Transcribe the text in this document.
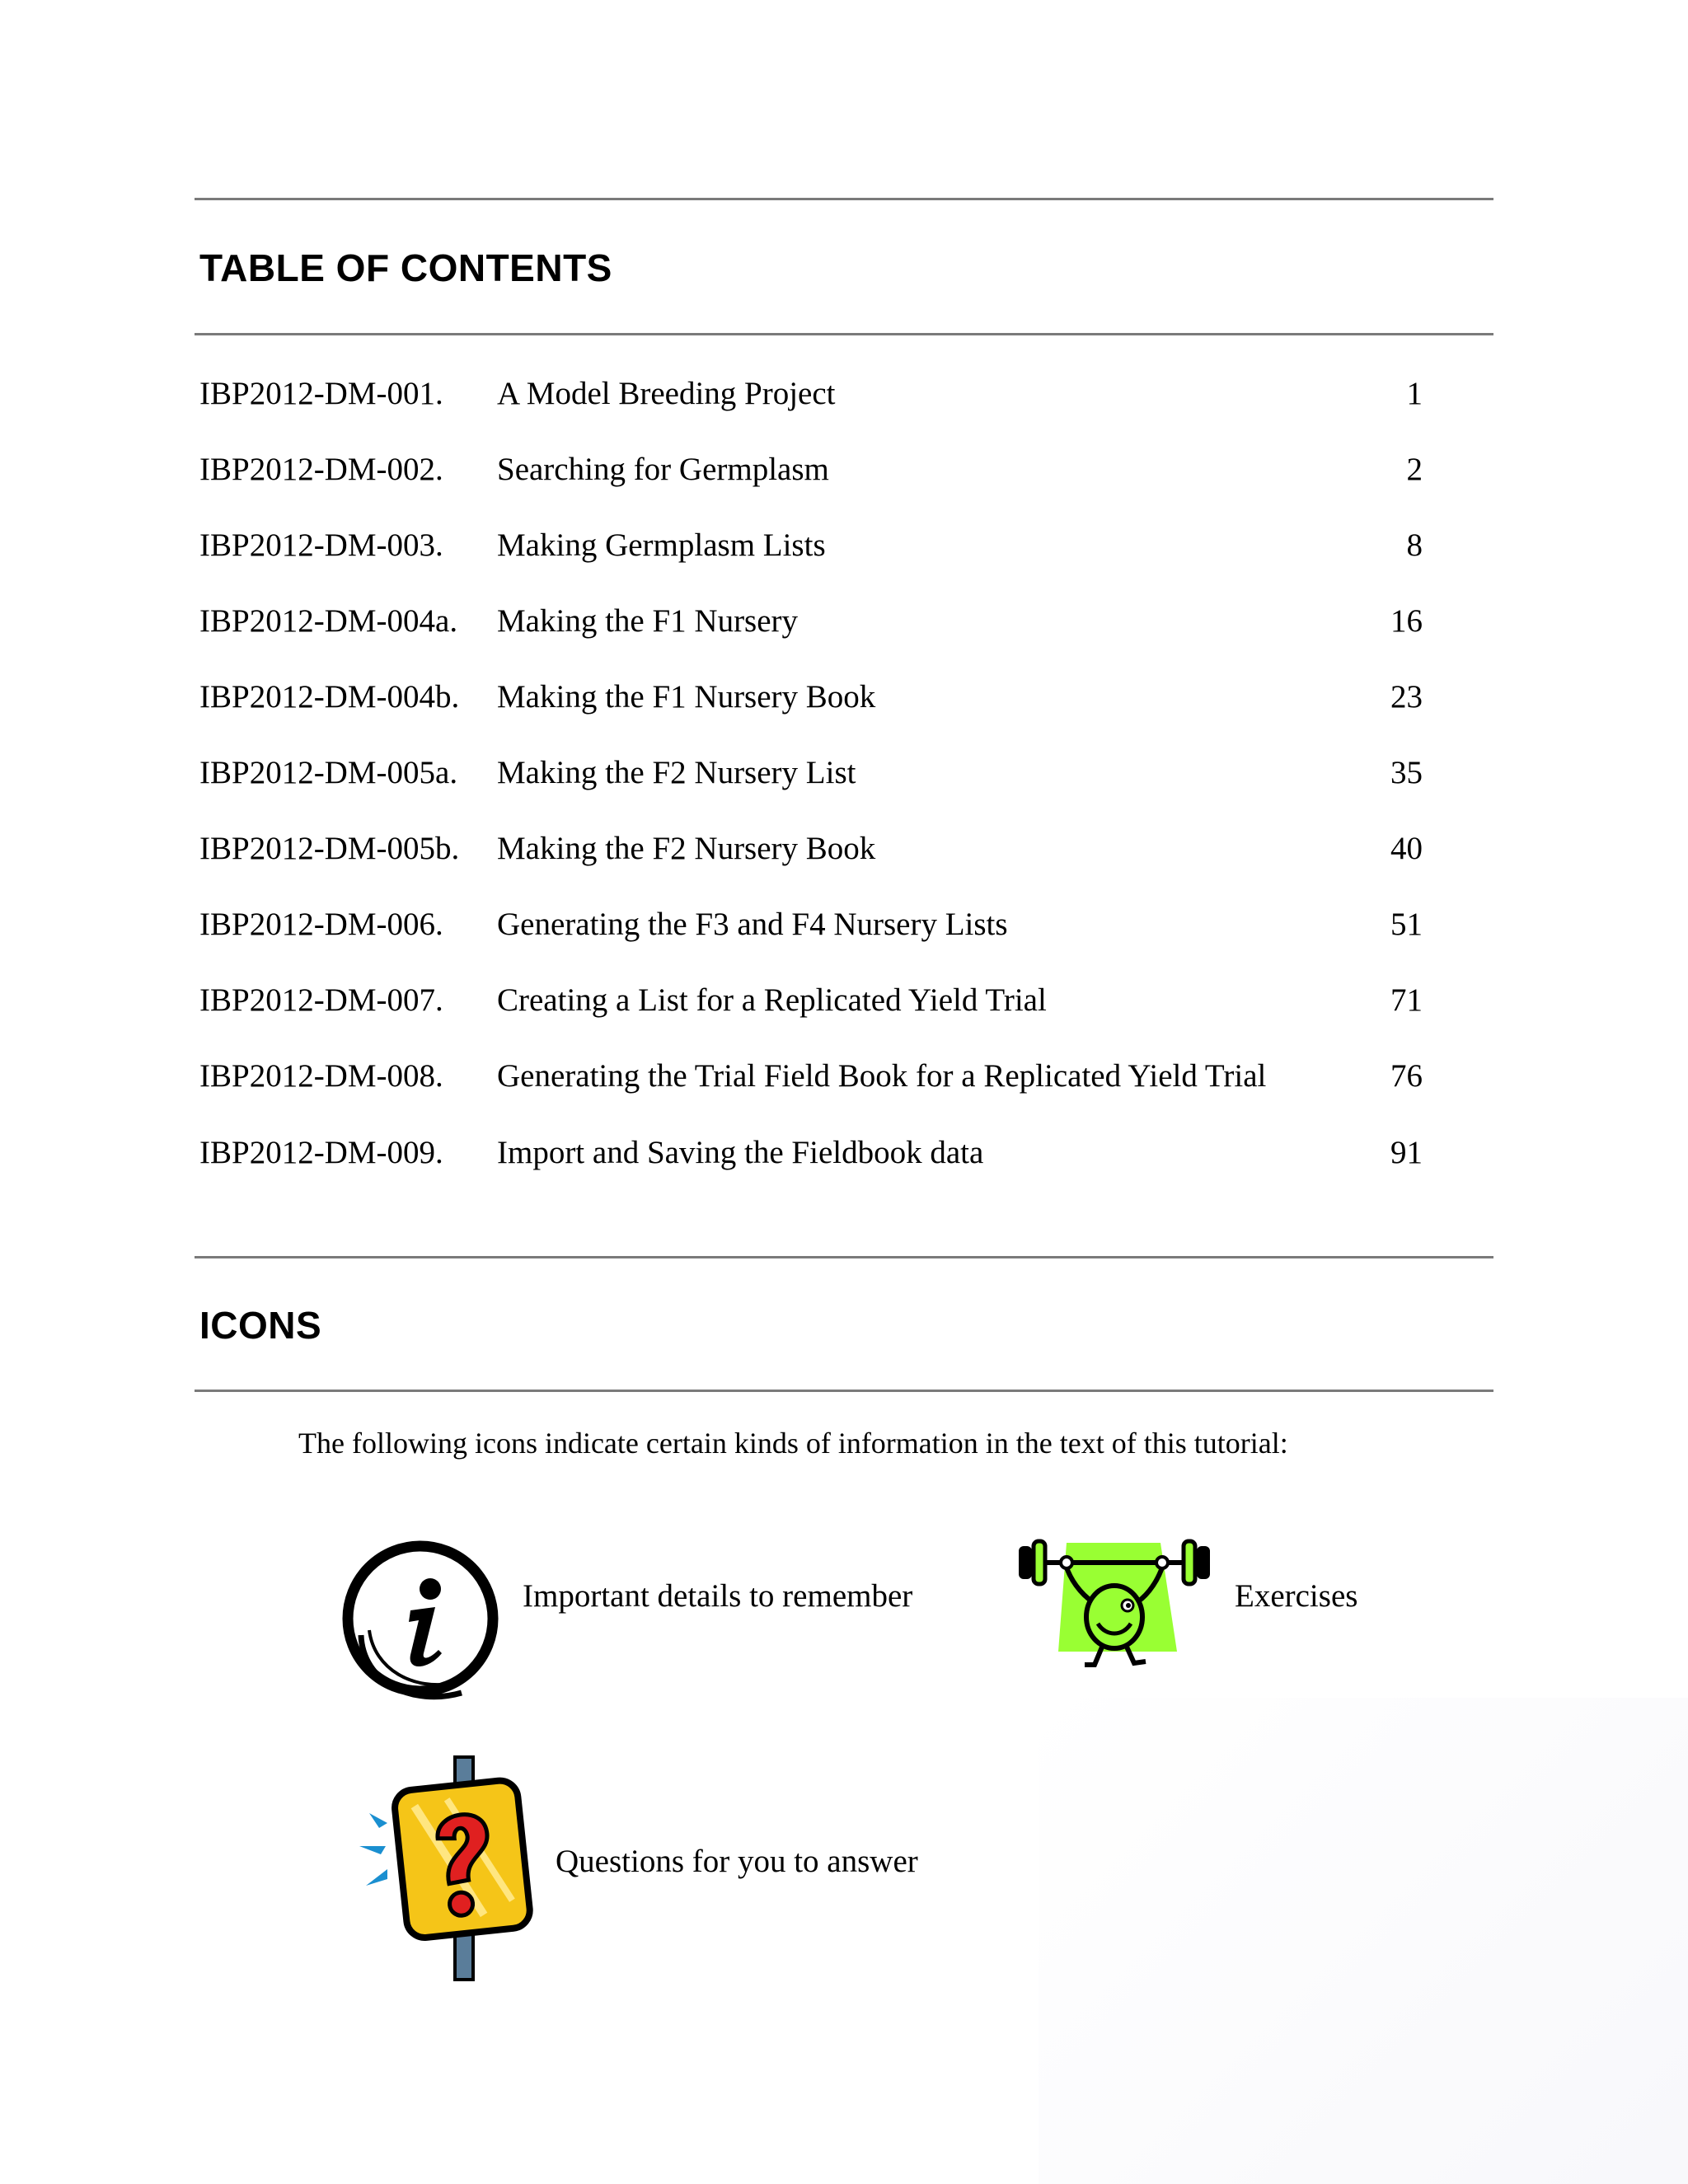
TABLE OF CONTENTS
IBP2012-DM-001. A Model Breeding Project	1
IBP2012-DM-002. Searching for Germplasm	2
IBP2012-DM-003. Making Germplasm Lists	8
IBP2012-DM-004a. Making the F1 Nursery	16
IBP2012-DM-004b. Making the F1 Nursery Book	23
IBP2012-DM-005a. Making the F2 Nursery List	35
IBP2012-DM-005b. Making the F2 Nursery Book	40
IBP2012-DM-006. Generating the F3 and F4 Nursery Lists	51
IBP2012-DM-007. Creating a List for a Replicated Yield Trial	71
IBP2012-DM-008. Generating the Trial Field Book for a Replicated Yield Trial	76
IBP2012-DM-009. Import and Saving the Fieldbook data	91
ICONS
The following icons indicate certain kinds of information in the text of this tutorial:
Important details to remember	Exercises
Questions for you to answer
